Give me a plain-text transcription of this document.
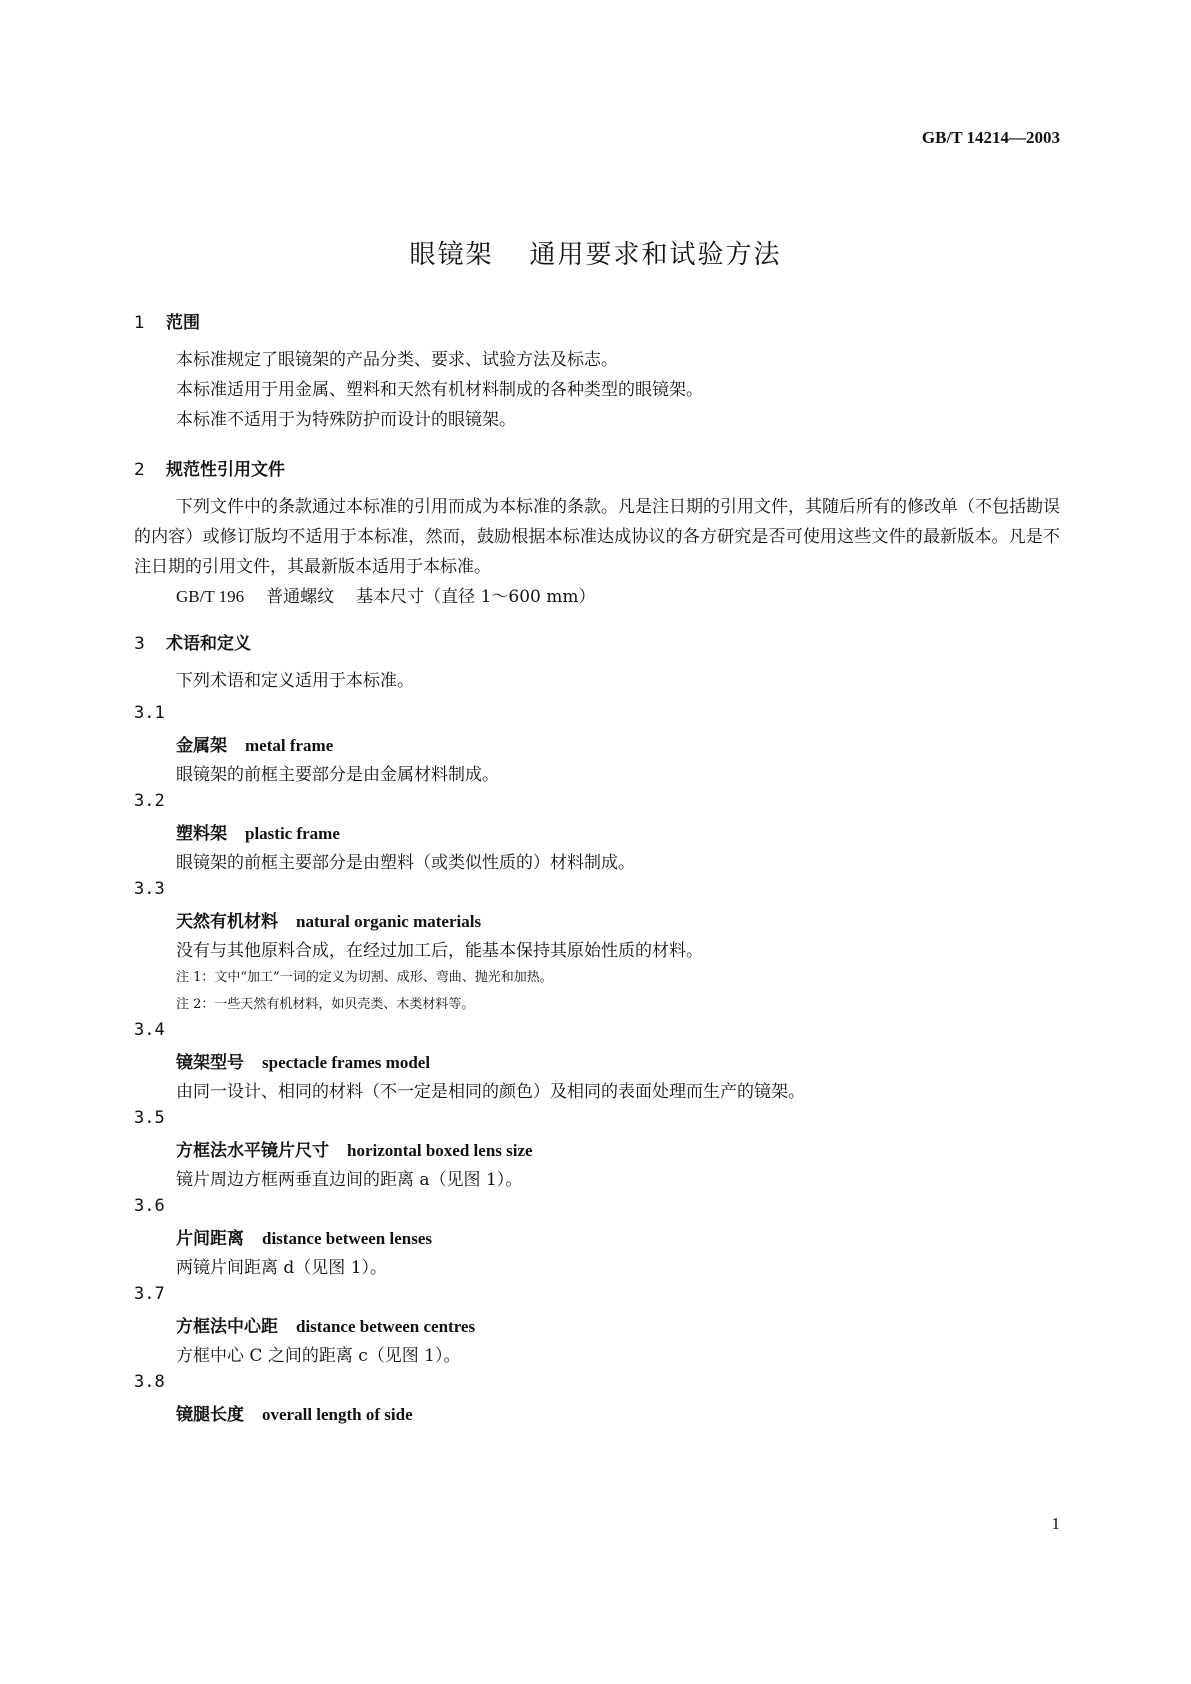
GB/T 14214—2003
眼镜架 通用要求和试验方法
1 范围
本标准规定了眼镜架的产品分类、要求、试验方法及标志。
本标准适用于用金属、塑料和天然有机材料制成的各种类型的眼镜架。
本标准不适用于为特殊防护而设计的眼镜架。
2 规范性引用文件
下列文件中的条款通过本标准的引用而成为本标准的条款。凡是注日期的引用文件，其随后所有的修改单（不包括勘误的内容）或修订版均不适用于本标准，然而，鼓励根据本标准达成协议的各方研究是否可使用这些文件的最新版本。凡是不注日期的引用文件，其最新版本适用于本标准。
GB/T 196 普通螺纹 基本尺寸（直径 1～600 mm）
3 术语和定义
下列术语和定义适用于本标准。
3.1
金属架 metal frame
眼镜架的前框主要部分是由金属材料制成。
3.2
塑料架 plastic frame
眼镜架的前框主要部分是由塑料（或类似性质的）材料制成。
3.3
天然有机材料 natural organic materials
没有与其他原料合成，在经过加工后，能基本保持其原始性质的材料。
注 1：文中“加工”一词的定义为切割、成形、弯曲、抛光和加热。
注 2：一些天然有机材料，如贝壳类、木类材料等。
3.4
镜架型号 spectacle frames model
由同一设计、相同的材料（不一定是相同的颜色）及相同的表面处理而生产的镜架。
3.5
方框法水平镜片尺寸 horizontal boxed lens size
镜片周边方框两垂直边间的距离 a（见图 1）。
3.6
片间距离 distance between lenses
两镜片间距离 d（见图 1）。
3.7
方框法中心距 distance between centres
方框中心 C 之间的距离 c（见图 1）。
3.8
镜腿长度 overall length of side
1
